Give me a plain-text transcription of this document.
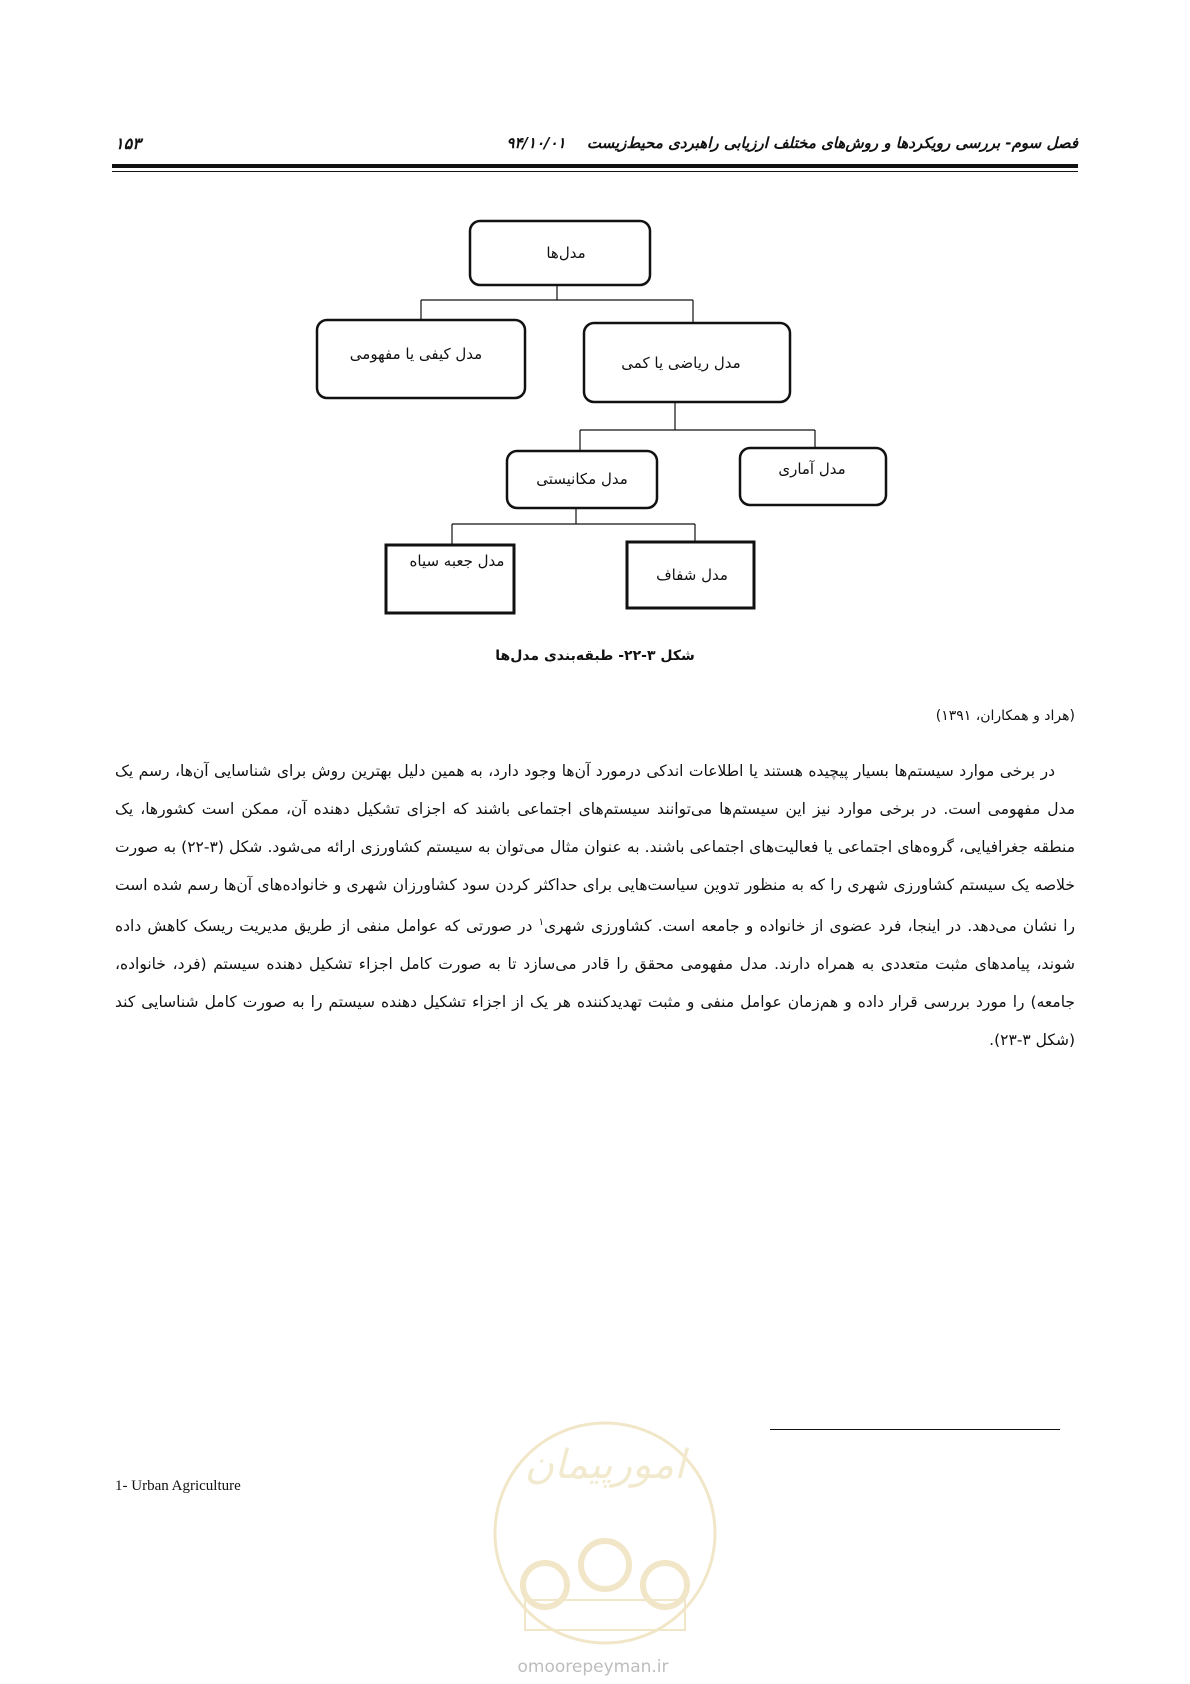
فصل سوم- بررسی رویکردها و روش‌های مختلف ارزیابی راهبردی محیط‌زیست ۹۴/۱۰/۰۱
۱۵۳
مدل‌ها
مدل کیفی یا مفهومی	مدل ریاضی یا کمی
مدل مکانیستی
مدل آماری
مدل جعبه سیاه
مدل شفاف
شکل ۳-۲۲- طبقه‌بندی مدل‌ها
(هراد و همکاران، ۱۳۹۱)

در برخی موارد سیستم‌ها بسیار پیچیده هستند یا اطلاعات اندکی درمورد آن‌ها وجود دارد، به همین دلیل بهترین روش برای شناسایی آن‌ها، رسم یک مدل مفهومی است. در برخی موارد نیز این سیستم‌ها می‌توانند سیستم‌های اجتماعی باشند که اجزای تشکیل دهنده آن، ممکن است کشورها، یک منطقه جغرافیایی، گروه‌های اجتماعی یا فعالیت‌های اجتماعی باشند. به عنوان مثال می‌توان به سیستم کشاورزی ارائه می‌شود. شکل (۳-۲۲) به صورت خلاصه یک سیستم کشاورزی شهری را که به منظور تدوین سیاست‌هایی برای حداکثر کردن سود کشاورزان شهری و خانواده‌های آن‌ها رسم شده است را نشان می‌دهد. در اینجا، فرد عضوی از خانواده و جامعه است. کشاورزی شهری$^۱$ در صورتی که عوامل منفی از طریق مدیریت ریسک کاهش داده شوند، پیامدهای مثبت متعددی به همراه دارند. مدل مفهومی محقق را قادر می‌سازد تا به صورت کامل اجزاء تشکیل دهنده سیستم (فرد، خانواده، جامعه) را مورد بررسی قرار داده و هم‌زمان عوامل منفی و مثبت تهدیدکننده هر یک از اجزاء تشکیل دهنده سیستم را به صورت کامل شناسایی کند (شکل ۳-۲۳).

1- Urban Agriculture	امورپیمان
omoorepeyman.ir
